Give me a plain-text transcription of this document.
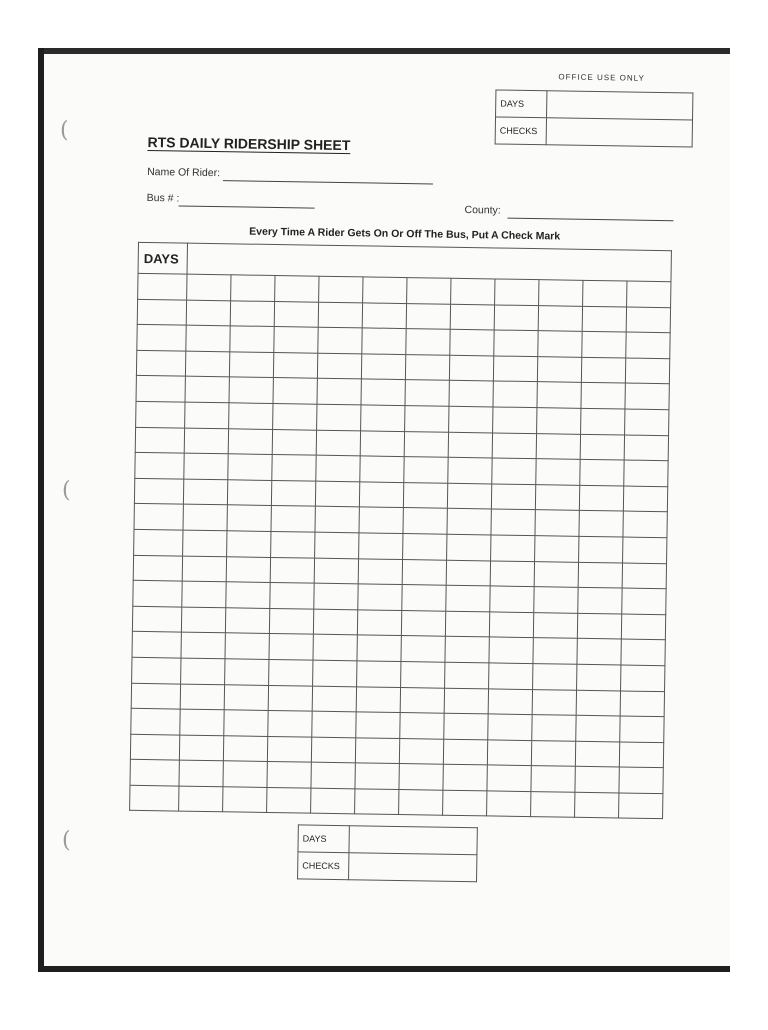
(
(
(
OFFICE USE ONLY
DAYS	
CHECKS	
RTS DAILY RIDERSHIP SHEET
Name Of Rider:
Bus # :
County:
Every Time A Rider Gets On Or Off The Bus, Put A Check Mark
DAYS											

DAYS	
CHECKS	
